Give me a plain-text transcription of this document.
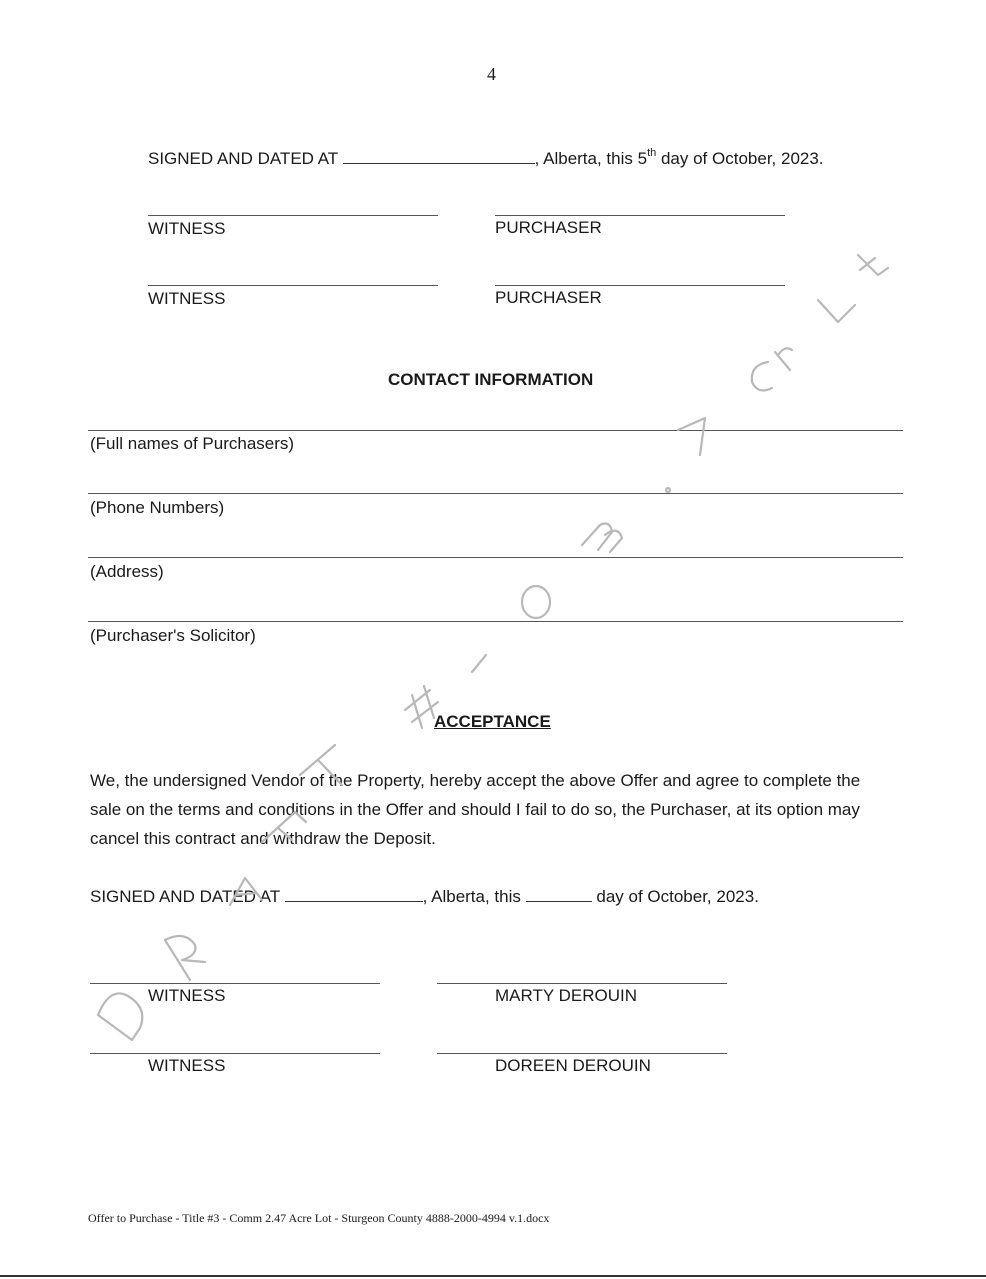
4
SIGNED AND DATED AT	, Alberta, this 5th day of October, 2023.
WITNESS	PURCHASER
WITNESS	PURCHASER
CONTACT INFORMATION
(Full names of Purchasers)
(Phone Numbers)
(Address)
(Purchaser's Solicitor)
ACCEPTANCE
We, the undersigned Vendor of the Property, hereby accept the above Offer and agree to complete the
sale on the terms and conditions in the Offer and should I fail to do so, the Purchaser, at its option may
cancel this contract and withdraw the Deposit.
SIGNED AND DATED AT	, Alberta, this	day of October, 2023.
WITNESS	MARTY DEROUIN
WITNESS	DOREEN DEROUIN
Offer to Purchase - Title #3 - Comm 2.47 Acre Lot - Sturgeon County 4888-2000-4994 v.1.docx
